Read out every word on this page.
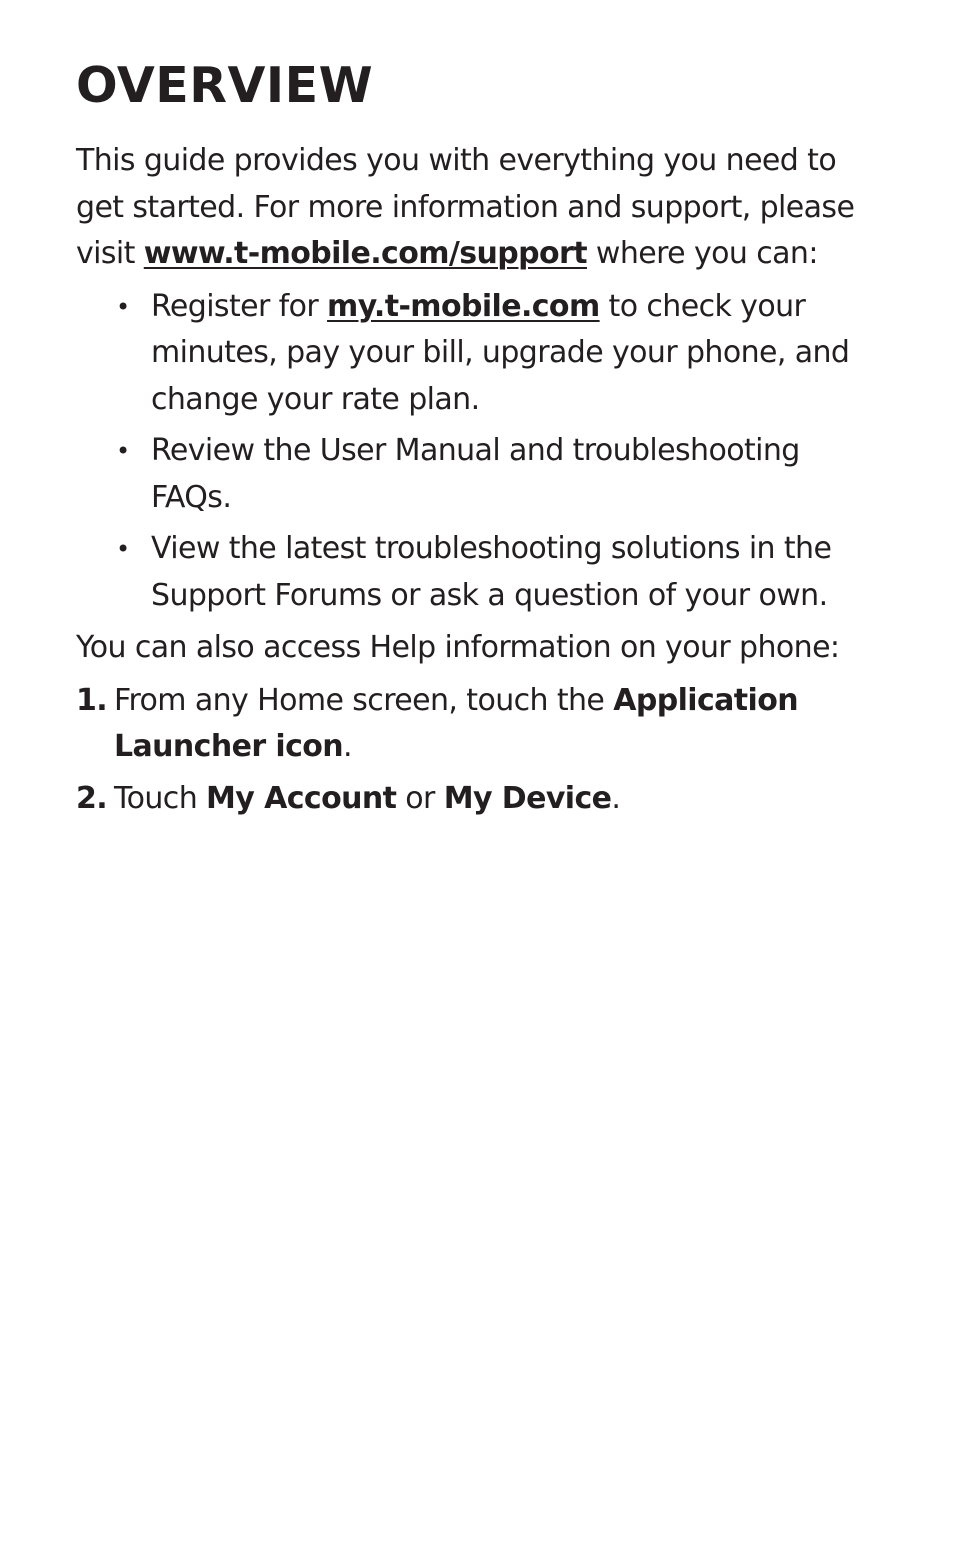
OVERVIEW

This guide provides you with everything you need to get started. For more information and support, please visit www.t-mobile.com/support where you can:

• Register for my.t-mobile.com to check your minutes, pay your bill, upgrade your phone, and change your rate plan.
• Review the User Manual and troubleshooting FAQs.
• View the latest troubleshooting solutions in the Support Forums or ask a question of your own.

You can also access Help information on your phone:

1. From any Home screen, touch the Application Launcher icon.
2. Touch My Account or My Device.
